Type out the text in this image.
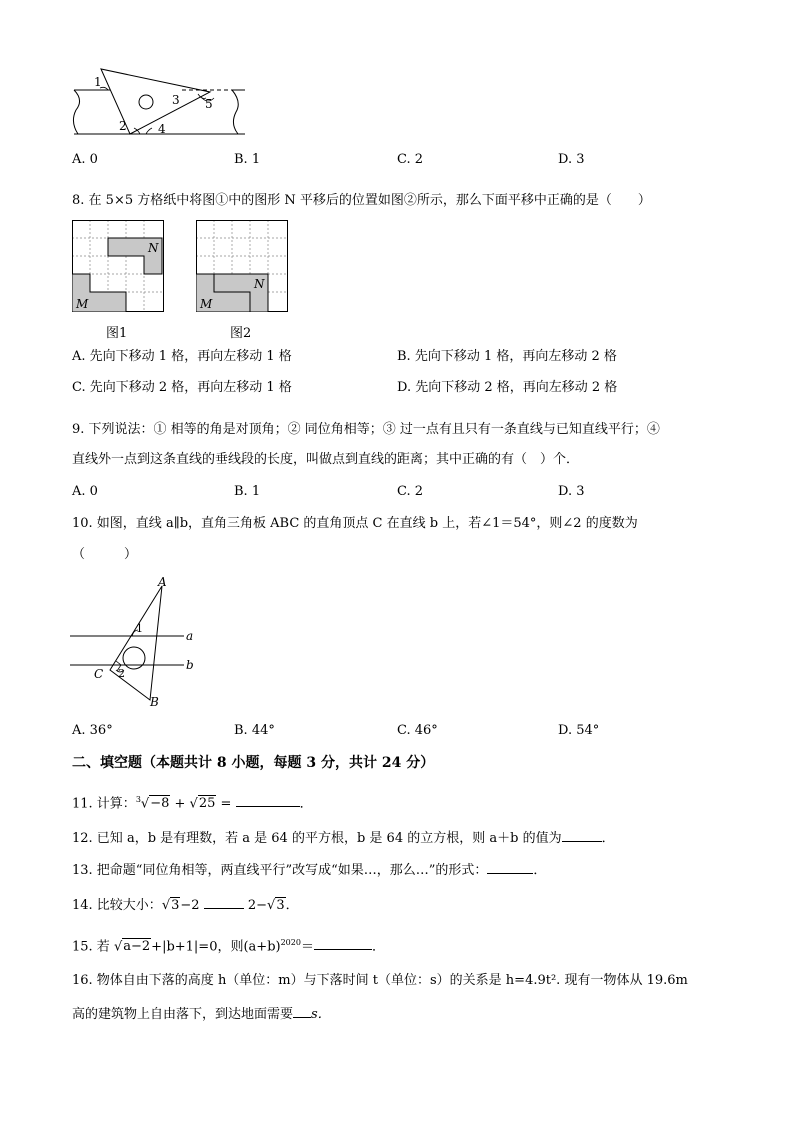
1
2
3
4
5
A. 0	B. 1	C. 2	D. 3
8. 在 5×5 方格纸中将图①中的图形 N 平移后的位置如图②所示，那么下面平移中正确的是（　　）
N
M
图1
N
M
图2
A. 先向下移动 1 格，再向左移动 1 格	B. 先向下移动 1 格，再向左移动 2 格
C. 先向下移动 2 格，再向左移动 1 格	D. 先向下移动 2 格，再向左移动 2 格
9. 下列说法：① 相等的角是对顶角；② 同位角相等；③ 过一点有且只有一条直线与已知直线平行；④
直线外一点到这条直线的垂线段的长度，叫做点到直线的距离；其中正确的有（　）个．
A. 0	B. 1	C. 2	D. 3
10. 如图，直线 a∥b，直角三角板 ABC 的直角顶点 C 在直线 b 上，若∠1＝54°，则∠2 的度数为
（　　　）
A
B
C
a
b
1
2
A. 36°	B. 44°	C. 46°	D. 54°
二、填空题（本题共计 8 小题，每题 3 分，共计 24 分）
11. 计算：$^3$√−8 + √25 =	．
12. 已知 a，b 是有理数，若 a 是 64 的平方根，b 是 64 的立方根，则 a＋b 的值为	．
13. 把命题“同位角相等，两直线平行”改写成“如果…，那么…”的形式：	．
14. 比较大小：√3−2	2−√3．
15. 若 √a−2+|b+1|=0，则$(a+b)^{2020}=$	．
16. 物体自由下落的高度 h（单位：m）与下落时间 t（单位：s）的关系是 h=4.9t². 现有一物体从 19.6m
高的建筑物上自由落下，到达地面需要 s．
